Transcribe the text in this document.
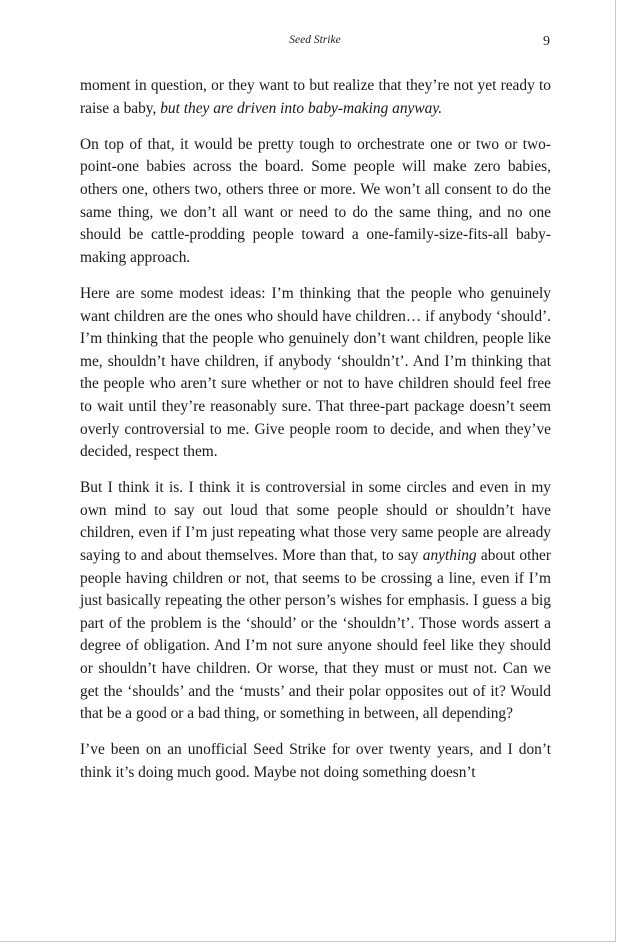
Seed Strike	9

moment in question, or they want to but realize that they’re not yet ready to raise a baby, but they are driven into baby-making anyway.

On top of that, it would be pretty tough to orchestrate one or two or two-point-one babies across the board. Some people will make zero babies, others one, others two, others three or more. We won’t all consent to do the same thing, we don’t all want or need to do the same thing, and no one should be cattle-prodding people toward a one-family-size-fits-all baby-making approach.

Here are some modest ideas: I’m thinking that the people who genuinely want children are the ones who should have children… if anybody ‘should’. I’m thinking that the people who genuinely don’t want children, people like me, shouldn’t have children, if anybody ‘shouldn’t’. And I’m thinking that the people who aren’t sure whether or not to have children should feel free to wait until they’re reasonably sure. That three-part package doesn’t seem overly controversial to me. Give people room to decide, and when they’ve decided, respect them.

But I think it is. I think it is controversial in some circles and even in my own mind to say out loud that some people should or shouldn’t have children, even if I’m just repeating what those very same people are already saying to and about themselves. More than that, to say anything about other people having children or not, that seems to be crossing a line, even if I’m just basically repeating the other person’s wishes for emphasis. I guess a big part of the problem is the ‘should’ or the ‘shouldn’t’. Those words assert a degree of obligation. And I’m not sure anyone should feel like they should or shouldn’t have children. Or worse, that they must or must not. Can we get the ‘shoulds’ and the ‘musts’ and their polar opposites out of it? Would that be a good or a bad thing, or something in between, all depending?

I’ve been on an unofficial Seed Strike for over twenty years, and I don’t think it’s doing much good. Maybe not doing something doesn’t
